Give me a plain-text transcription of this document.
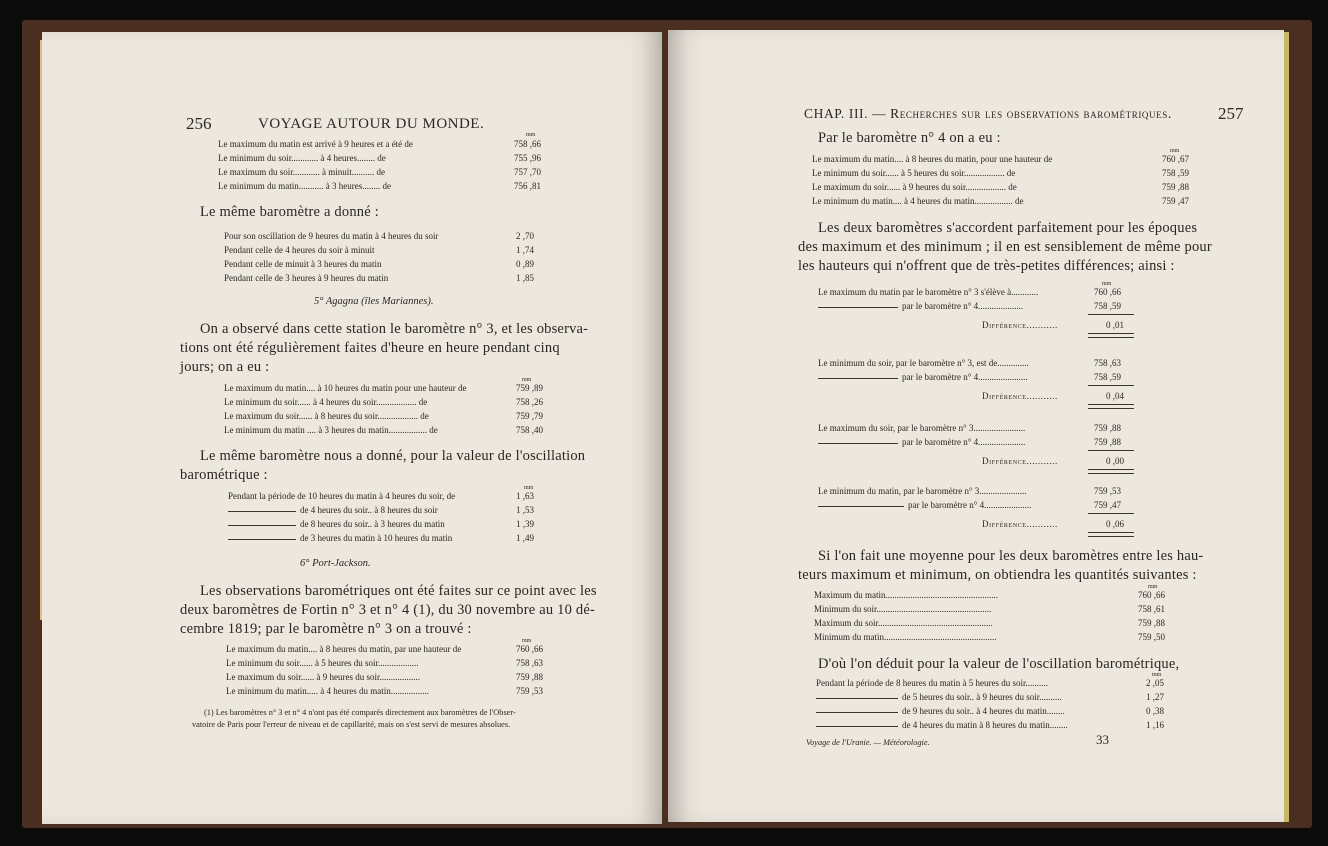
256	VOYAGE AUTOUR DU MONDE.
mm
Le maximum du matin est arrivé à 9 heures et a été de	758 ,66
Le minimum du soir............ à 4 heures........ de	755 ,96
Le maximum du soir............ à minuit.......... de	757 ,70
Le minimum du matin........... à 3 heures........ de	756 ,81
Le même baromètre a donné :
Pour son oscillation de 9 heures du matin à 4 heures du soir	2 ,70
Pendant celle de 4 heures du soir à minuit	1 ,74
Pendant celle de minuit à 3 heures du matin	0 ,89
Pendant celle de 3 heures à 9 heures du matin	1 ,85
5° Agagna (îles Mariannes).
On a observé dans cette station le baromètre n° 3, et les observa-
tions ont été régulièrement faites d'heure en heure pendant cinq
jours; on a eu :
mm
Le maximum du matin.... à 10 heures du matin pour une hauteur de	759 ,89
Le minimum du soir...... à 4 heures du soir.................. de	758 ,26
Le maximum du soir...... à 8 heures du soir.................. de	759 ,79
Le minimum du matin .... à 3 heures du matin................. de	758 ,40
Le même baromètre nous a donné, pour la valeur de l'oscillation
barométrique :
mm
Pendant la période de 10 heures du matin à 4 heures du soir, de	1 ,63
de 4 heures du soir.. à 8 heures du soir	1 ,53
de 8 heures du soir.. à 3 heures du matin	1 ,39
de 3 heures du matin à 10 heures du matin	1 ,49
6° Port-Jackson.
Les observations barométriques ont été faites sur ce point avec les
deux baromètres de Fortin n° 3 et n° 4 (1), du 30 novembre au 10 dé-
cembre 1819; par le baromètre n° 3 on a trouvé :
mm
Le maximum du matin.... à 8 heures du matin, par une hauteur de	760 ,66
Le minimum du soir...... à 5 heures du soir..................	758 ,63
Le maximum du soir...... à 9 heures du soir..................	759 ,88
Le minimum du matin..... à 4 heures du matin.................	759 ,53
(1) Les baromètres n° 3 et n° 4 n'ont pas été comparés directement aux baromètres de l'Obser-
vatoire de Paris pour l'erreur de niveau et de capillarité, mais on s'est servi de mesures absolues.
CHAP. III. — Recherches sur les observations barométriques.	257
Par le baromètre n° 4 on a eu :
mm
Le maximum du matin.... à 8 heures du matin, pour une hauteur de	760 ,67
Le minimum du soir...... à 5 heures du soir.................. de	758 ,59
Le maximum du soir...... à 9 heures du soir.................. de	759 ,88
Le minimum du matin.... à 4 heures du matin................. de	759 ,47
Les deux baromètres s'accordent parfaitement pour les époques
des maximum et des minimum ; il en est sensiblement de même pour
les hauteurs qui n'offrent que de très-petites différences; ainsi :
mm
Le maximum du matin par le baromètre n° 3 s'élève à............	760 ,66
par le baromètre n° 4....................	758 ,59
Différence...........	0 ,01
Le minimum du soir, par le baromètre n° 3, est de..............	758 ,63
par le baromètre n° 4......................	758 ,59
Différence...........	0 ,04
Le maximum du soir, par le baromètre n° 3.......................	759 ,88
par le baromètre n° 4.....................	759 ,88
Différence...........	0 ,00
Le minimum du matin, par le baromètre n° 3.....................	759 ,53
par le baromètre n° 4.....................	759 ,47
Différence...........	0 ,06
Si l'on fait une moyenne pour les deux baromètres entre les hau-
teurs maximum et minimum, on obtiendra les quantités suivantes :
mm
Maximum du matin..................................................	760 ,66
Minimum du soir...................................................	758 ,61
Maximum du soir...................................................	759 ,88
Minimum du matin..................................................	759 ,50
D'où l'on déduit pour la valeur de l'oscillation barométrique,
mm
Pendant la période de 8 heures du matin à 5 heures du soir..........	2 ,05
de 5 heures du soir.. à 9 heures du soir..........	1 ,27
de 9 heures du soir.. à 4 heures du matin........	0 ,38
de 4 heures du matin à 8 heures du matin........	1 ,16
Voyage de l'Uranie. — Météorologie.	33
